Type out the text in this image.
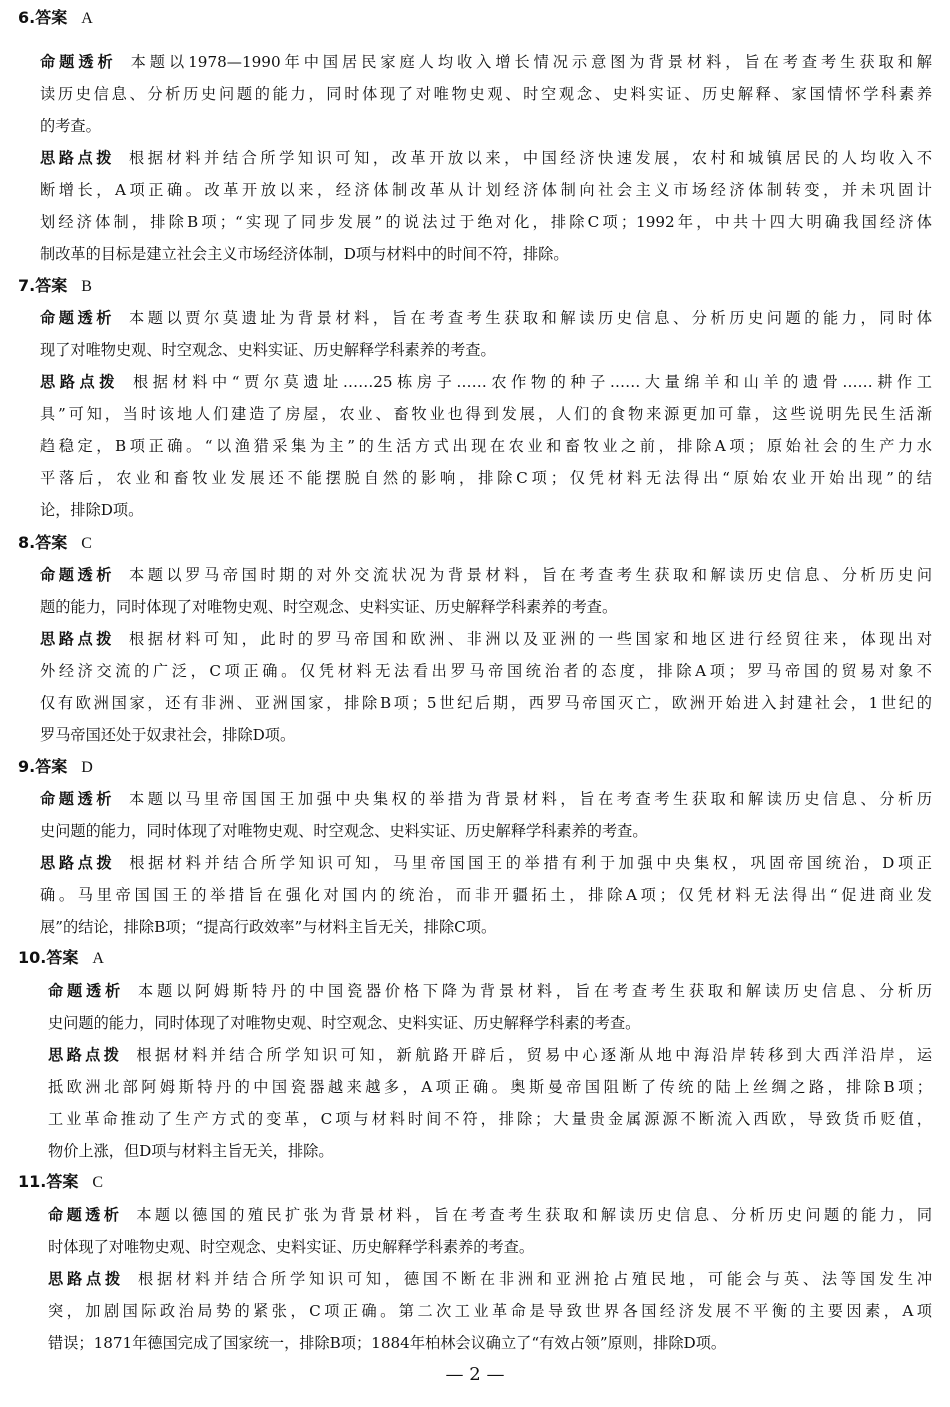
6.答案 A
命题透析 本题以1978—1990年中国居民家庭人均收入增长情况示意图为背景材料，旨在考查考生获取和解
读历史信息、分析历史问题的能力，同时体现了对唯物史观、时空观念、史料实证、历史解释、家国情怀学科素养
的考查。
思路点拨 根据材料并结合所学知识可知，改革开放以来，中国经济快速发展，农村和城镇居民的人均收入不
断增长，A项正确。改革开放以来，经济体制改革从计划经济体制向社会主义市场经济体制转变，并未巩固计
划经济体制，排除B项；“实现了同步发展”的说法过于绝对化，排除C项；1992年，中共十四大明确我国经济体
制改革的目标是建立社会主义市场经济体制，D项与材料中的时间不符，排除。
7.答案 B
命题透析 本题以贾尔莫遗址为背景材料，旨在考查考生获取和解读历史信息、分析历史问题的能力，同时体
现了对唯物史观、时空观念、史料实证、历史解释学科素养的考查。
思路点拨 根据材料中“贾尔莫遗址……25栋房子……农作物的种子……大量绵羊和山羊的遗骨……耕作工
具”可知，当时该地人们建造了房屋，农业、畜牧业也得到发展，人们的食物来源更加可靠，这些说明先民生活渐
趋稳定，B项正确。“以渔猎采集为主”的生活方式出现在农业和畜牧业之前，排除A项；原始社会的生产力水
平落后，农业和畜牧业发展还不能摆脱自然的影响，排除C项；仅凭材料无法得出“原始农业开始出现”的结
论，排除D项。
8.答案 C
命题透析 本题以罗马帝国时期的对外交流状况为背景材料，旨在考查考生获取和解读历史信息、分析历史问
题的能力，同时体现了对唯物史观、时空观念、史料实证、历史解释学科素养的考查。
思路点拨 根据材料可知，此时的罗马帝国和欧洲、非洲以及亚洲的一些国家和地区进行经贸往来，体现出对
外经济交流的广泛，C项正确。仅凭材料无法看出罗马帝国统治者的态度，排除A项；罗马帝国的贸易对象不
仅有欧洲国家，还有非洲、亚洲国家，排除B项；5世纪后期，西罗马帝国灭亡，欧洲开始进入封建社会，1世纪的
罗马帝国还处于奴隶社会，排除D项。
9.答案 D
命题透析 本题以马里帝国国王加强中央集权的举措为背景材料，旨在考查考生获取和解读历史信息、分析历
史问题的能力，同时体现了对唯物史观、时空观念、史料实证、历史解释学科素养的考查。
思路点拨 根据材料并结合所学知识可知，马里帝国国王的举措有利于加强中央集权，巩固帝国统治，D项正
确。马里帝国国王的举措旨在强化对国内的统治，而非开疆拓土，排除A项；仅凭材料无法得出“促进商业发
展”的结论，排除B项；“提高行政效率”与材料主旨无关，排除C项。
10.答案 A
命题透析 本题以阿姆斯特丹的中国瓷器价格下降为背景材料，旨在考查考生获取和解读历史信息、分析历
史问题的能力，同时体现了对唯物史观、时空观念、史料实证、历史解释学科素的考查。
思路点拨 根据材料并结合所学知识可知，新航路开辟后，贸易中心逐渐从地中海沿岸转移到大西洋沿岸，运
抵欧洲北部阿姆斯特丹的中国瓷器越来越多，A项正确。奥斯曼帝国阻断了传统的陆上丝绸之路，排除B项；
工业革命推动了生产方式的变革，C项与材料时间不符，排除；大量贵金属源源不断流入西欧，导致货币贬值，
物价上涨，但D项与材料主旨无关，排除。
11.答案 C
命题透析 本题以德国的殖民扩张为背景材料，旨在考查考生获取和解读历史信息、分析历史问题的能力，同
时体现了对唯物史观、时空观念、史料实证、历史解释学科素养的考查。
思路点拨 根据材料并结合所学知识可知，德国不断在非洲和亚洲抢占殖民地，可能会与英、法等国发生冲
突，加剧国际政治局势的紧张，C项正确。第二次工业革命是导致世界各国经济发展不平衡的主要因素，A项
错误；1871年德国完成了国家统一，排除B项；1884年柏林会议确立了“有效占领”原则，排除D项。
— 2 —
